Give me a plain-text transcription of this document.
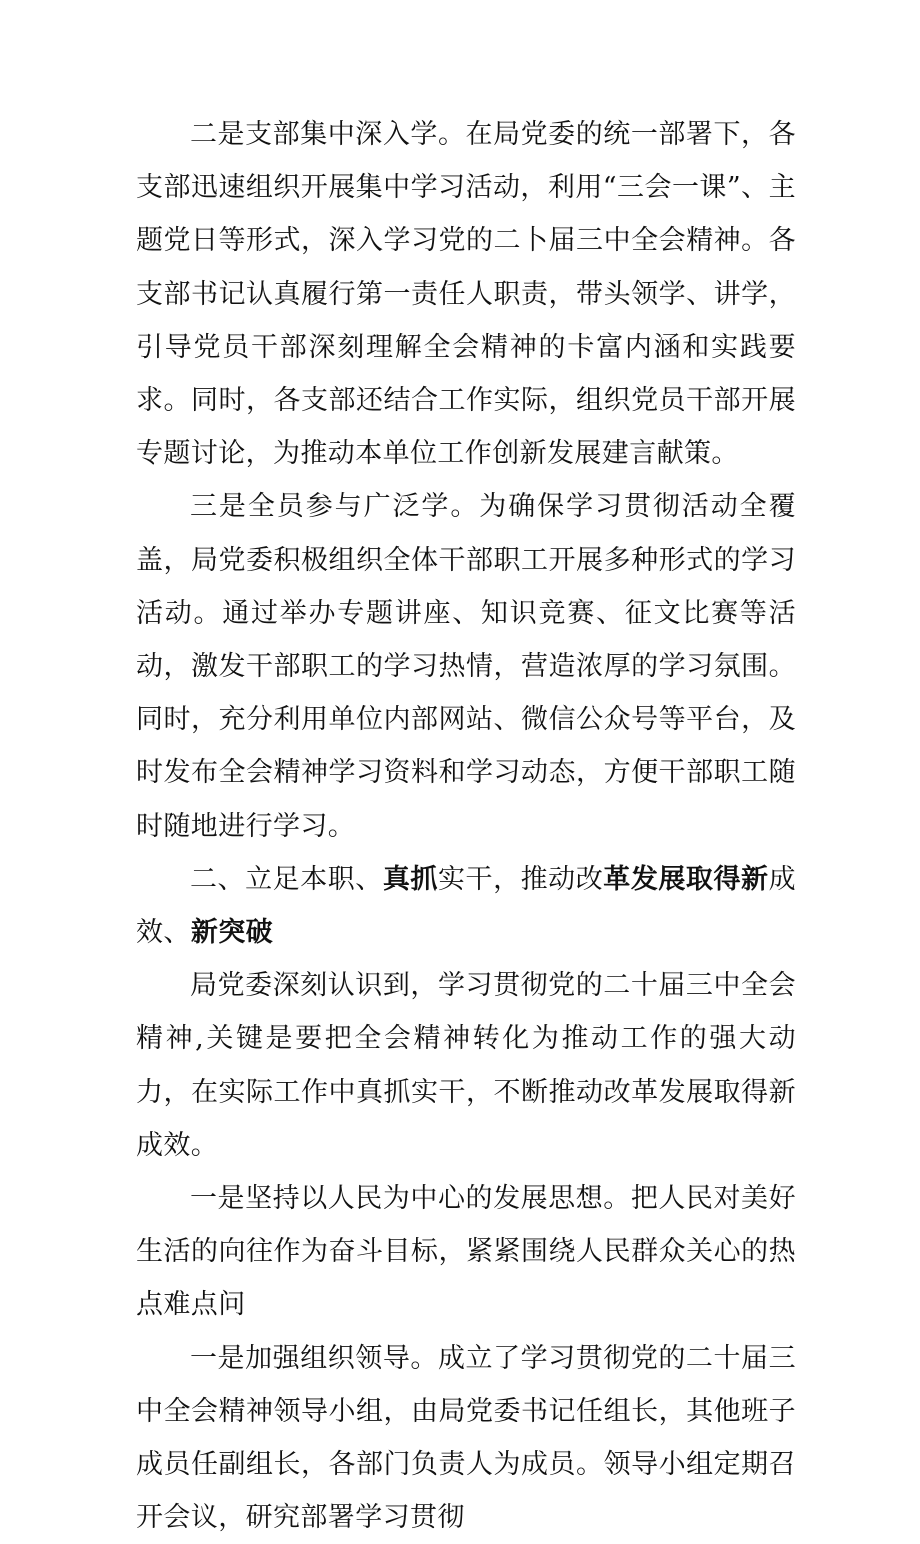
二是支部集中深入学。在局党委的统一部署下，各支部迅速组织开展集中学习活动，利用“三会一课”、主题党日等形式，深入学习党的二卜届三中全会精神。各支部书记认真履行第一责任人职责，带头领学、讲学，引导党员干部深刻理解全会精神的卡富内涵和实践要求。同时，各支部还结合工作实际，组织党员干部开展专题讨论，为推动本单位工作创新发展建言献策。

三是全员参与广泛学。为确保学习贯彻活动全覆盖，局党委积极组织全体干部职工开展多种形式的学习活动。通过举办专题讲座、知识竞赛、征文比赛等活动，激发干部职工的学习热情，营造浓厚的学习氛围。同时，充分利用单位内部网站、微信公众号等平台，及时发布全会精神学习资料和学习动态，方便干部职工随时随地进行学习。

二、立足本职、真抓实干，推动改革发展取得新成效、新突破

局党委深刻认识到，学习贯彻党的二十届三中全会精神,关键是要把全会精神转化为推动工作的强大动力，在实际工作中真抓实干，不断推动改革发展取得新成效。

一是坚持以人民为中心的发展思想。把人民对美好生活的向往作为奋斗目标，紧紧围绕人民群众关心的热点难点问

一是加强组织领导。成立了学习贯彻党的二十届三中全会精神领导小组，由局党委书记任组长，其他班子成员任副组长，各部门负责人为成员。领导小组定期召开会议，研究部署学习贯彻
